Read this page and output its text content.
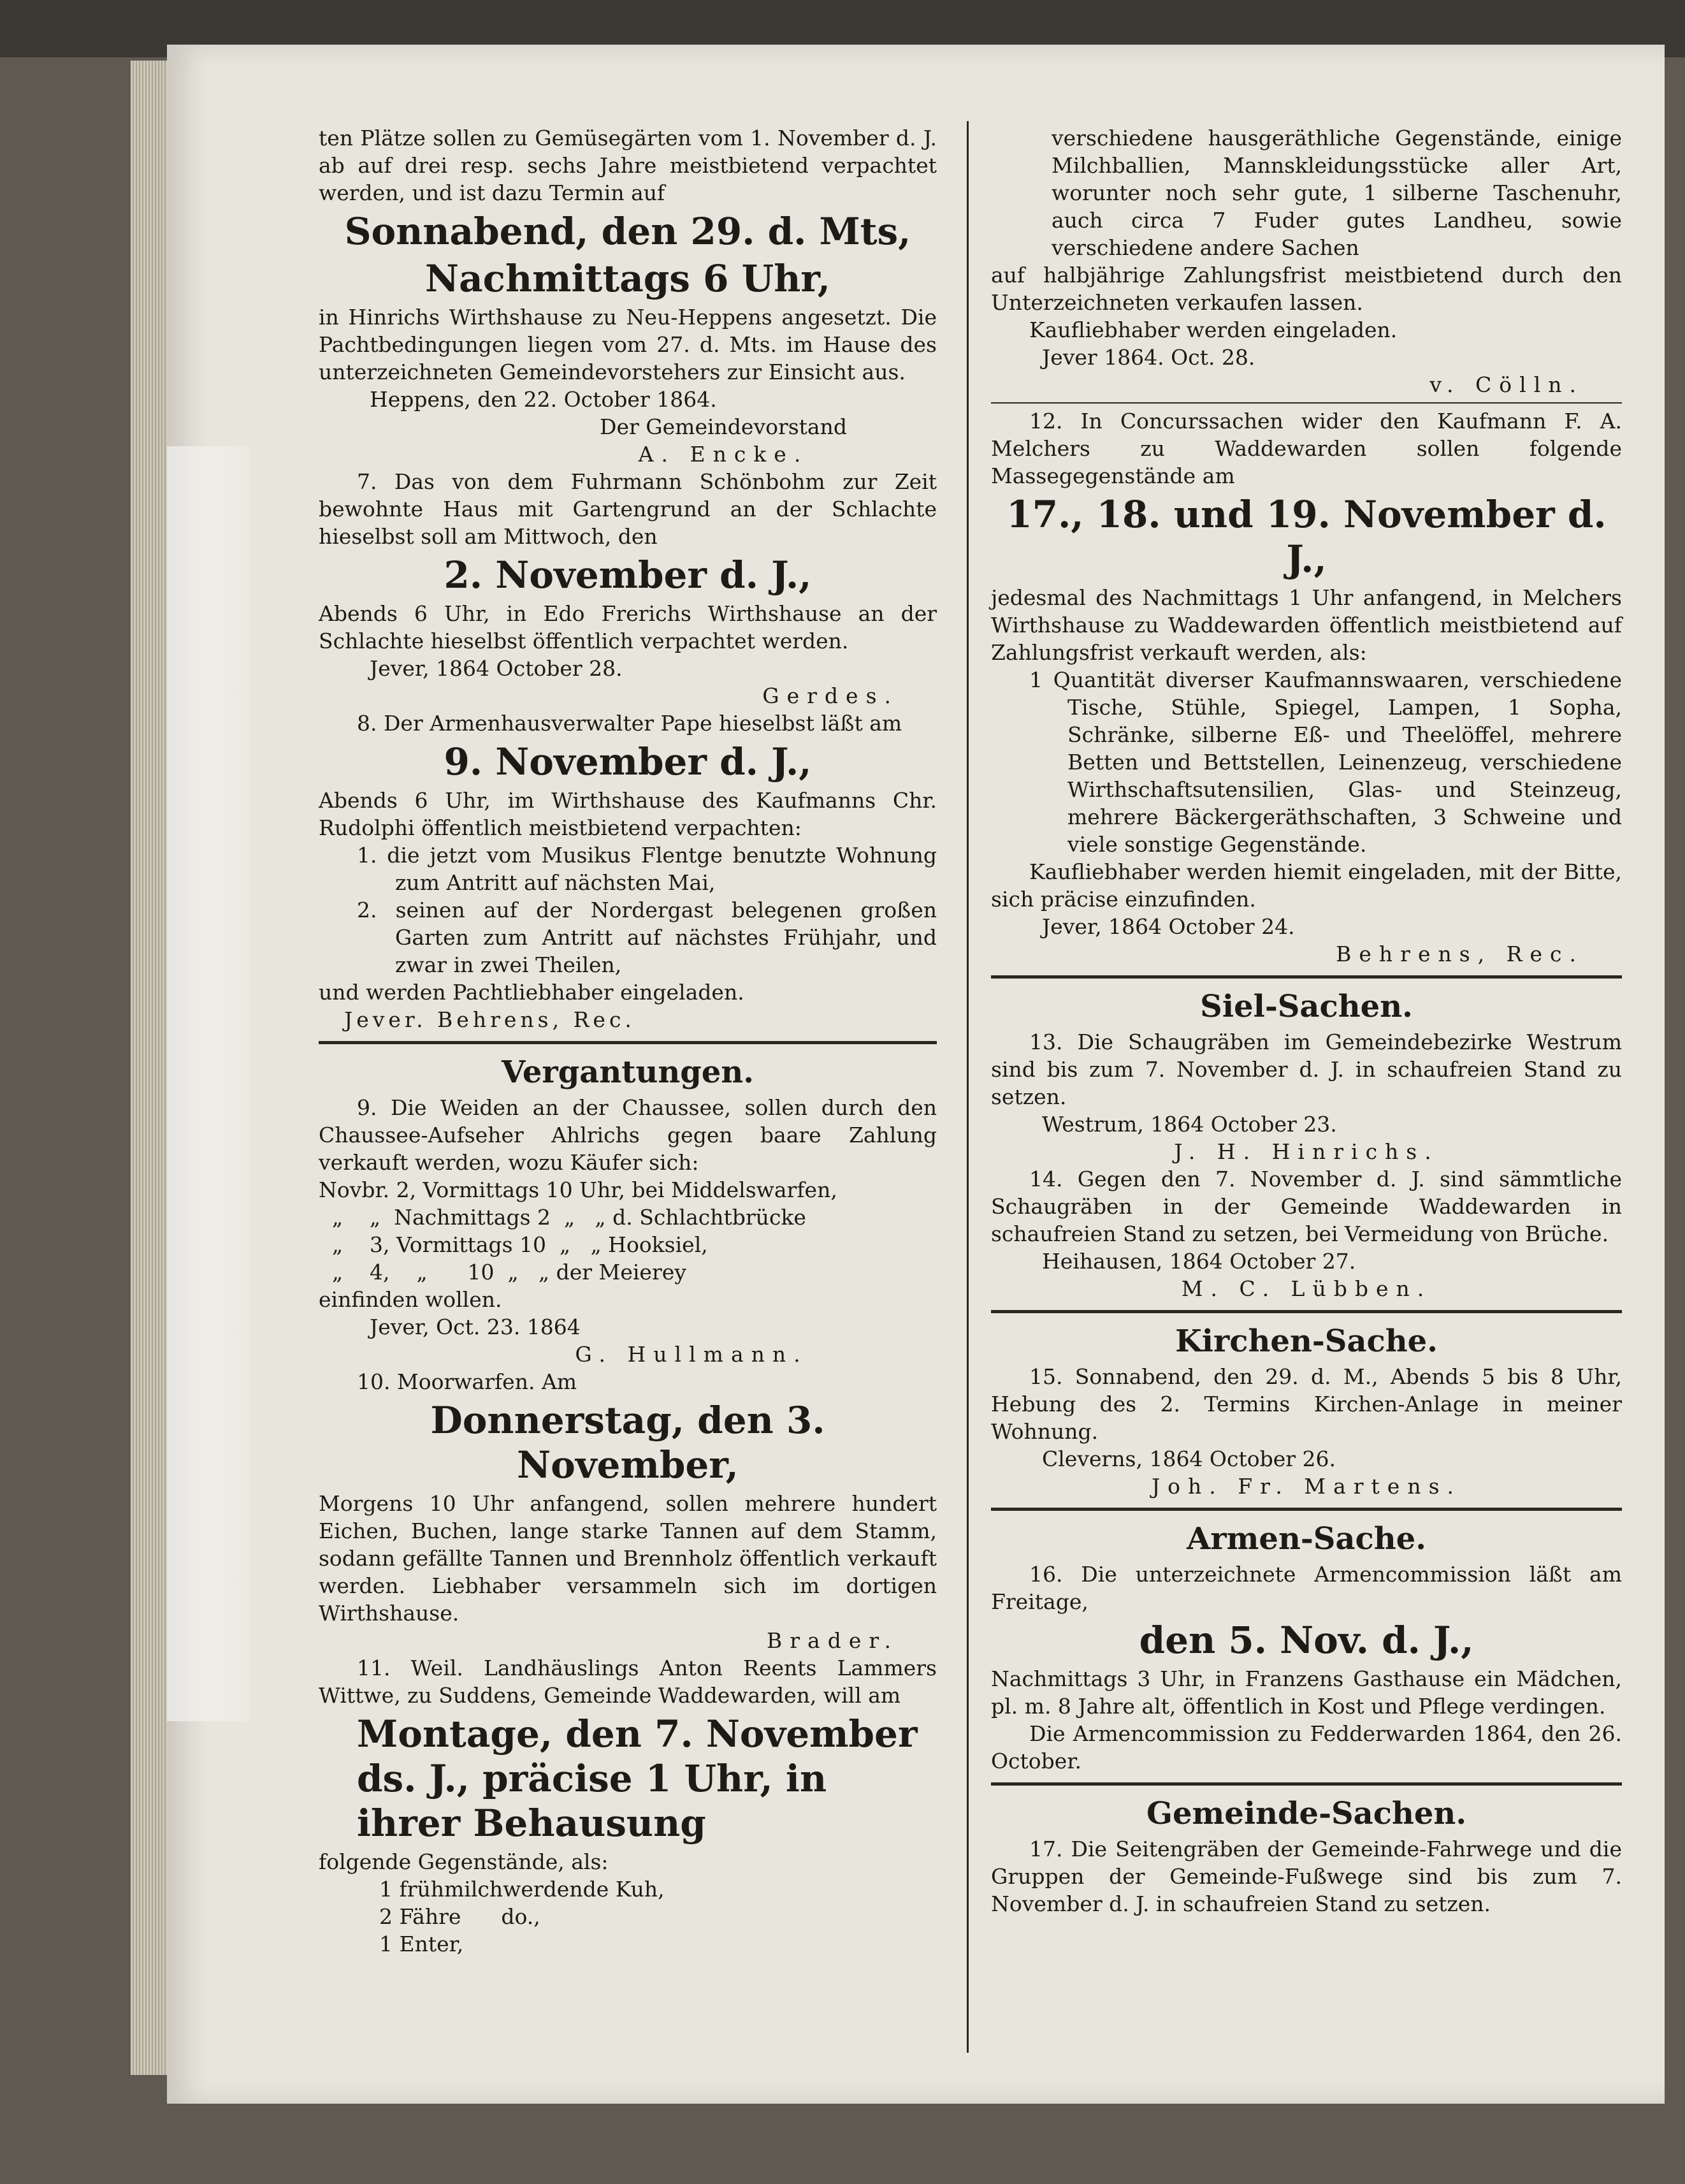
ten Plätze sollen zu Gemüsegärten vom 1. November d. J. ab auf drei resp. sechs Jahre meistbietend verpachtet werden, und ist dazu Termin auf

Sonnabend, den 29. d. Mts,

Nachmittags 6 Uhr,

in Hinrichs Wirthshause zu Neu-Heppens angesetzt. Die Pachtbedingungen liegen vom 27. d. Mts. im Hause des unterzeichneten Gemeindevorstehers zur Einsicht aus.

Heppens, den 22. October 1864.

Der Gemeindevorstand

A. Encke.

7. Das von dem Fuhrmann Schönbohm zur Zeit bewohnte Haus mit Gartengrund an der Schlachte hieselbst soll am Mittwoch, den

2. November d. J.,

Abends 6 Uhr, in Edo Frerichs Wirthshause an der Schlachte hieselbst öffentlich verpachtet werden.

Jever, 1864 October 28.

Gerdes.

8. Der Armenhausverwalter Pape hieselbst läßt am

9. November d. J.,

Abends 6 Uhr, im Wirthshause des Kaufmanns Chr. Rudolphi öffentlich meistbietend verpachten:

1. die jetzt vom Musikus Flentge benutzte Wohnung zum Antritt auf nächsten Mai,

2. seinen auf der Nordergast belegenen großen Garten zum Antritt auf nächstes Frühjahr, und zwar in zwei Theilen,

und werden Pachtliebhaber eingeladen.

Jever. Behrens, Rec.

Vergantungen.

9. Die Weiden an der Chaussee, sollen durch den Chaussee-Aufseher Ahlrichs gegen baare Zahlung verkauft werden, wozu Käufer sich:

Novbr. 2, Vormittags 10 Uhr, bei Middelswarfen,

„    „  Nachmittags 2  „   „ d. Schlachtbrücke

„    3, Vormittags 10  „   „ Hooksiel,

„    4,    „      10  „   „ der Meierey

einfinden wollen.

Jever, Oct. 23. 1864

G. Hullmann.

10. Moorwarfen. Am

Donnerstag, den 3. November,

Morgens 10 Uhr anfangend, sollen mehrere hundert Eichen, Buchen, lange starke Tannen auf dem Stamm, sodann gefällte Tannen und Brennholz öffentlich verkauft werden. Liebhaber versammeln sich im dortigen Wirthshause.

Brader.

11. Weil. Landhäuslings Anton Reents Lammers Wittwe, zu Suddens, Gemeinde Waddewarden, will am

Montage, den 7. November ds. J., präcise 1 Uhr, in ihrer Behausung

folgende Gegenstände, als:

1 frühmilchwerdende Kuh,

2 Fähre      do.,

1 Enter,

verschiedene hausgeräthliche Gegenstände, einige Milchballien, Mannskleidungsstücke aller Art, worunter noch sehr gute, 1 silberne Taschenuhr, auch circa 7 Fuder gutes Landheu, sowie verschiedene andere Sachen

auf halbjährige Zahlungsfrist meistbietend durch den Unterzeichneten verkaufen lassen.

Kaufliebhaber werden eingeladen.

Jever 1864. Oct. 28.

v. Cölln.

12. In Concurssachen wider den Kaufmann F. A. Melchers zu Waddewarden sollen folgende Massegegenstände am

17., 18. und 19. November d. J.,

jedesmal des Nachmittags 1 Uhr anfangend, in Melchers Wirthshause zu Waddewarden öffentlich meistbietend auf Zahlungsfrist verkauft werden, als:

1 Quantität diverser Kaufmannswaaren, verschiedene Tische, Stühle, Spiegel, Lampen, 1 Sopha, Schränke, silberne Eß- und Theelöffel, mehrere Betten und Bettstellen, Leinenzeug, verschiedene Wirthschaftsutensilien, Glas- und Steinzeug, mehrere Bäckergeräthschaften, 3 Schweine und viele sonstige Gegenstände.

Kaufliebhaber werden hiemit eingeladen, mit der Bitte, sich präcise einzufinden.

Jever, 1864 October 24.

Behrens, Rec.

Siel-Sachen.

13. Die Schaugräben im Gemeindebezirke Westrum sind bis zum 7. November d. J. in schaufreien Stand zu setzen.

Westrum, 1864 October 23.

J. H. Hinrichs.

14. Gegen den 7. November d. J. sind sämmtliche Schaugräben in der Gemeinde Waddewarden in schaufreien Stand zu setzen, bei Vermeidung von Brüche.

Heihausen, 1864 October 27.

M. C. Lübben.

Kirchen-Sache.

15. Sonnabend, den 29. d. M., Abends 5 bis 8 Uhr, Hebung des 2. Termins Kirchen-Anlage in meiner Wohnung.

Cleverns, 1864 October 26.

Joh. Fr. Martens.

Armen-Sache.

16. Die unterzeichnete Armencommission läßt am Freitage,

den 5. Nov. d. J.,

Nachmittags 3 Uhr, in Franzens Gasthause ein Mädchen, pl. m. 8 Jahre alt, öffentlich in Kost und Pflege verdingen.

Die Armencommission zu Fedderwarden 1864, den 26. October.

Gemeinde-Sachen.

17. Die Seitengräben der Gemeinde-Fahrwege und die Gruppen der Gemeinde-Fußwege sind bis zum 7. November d. J. in schaufreien Stand zu setzen.
